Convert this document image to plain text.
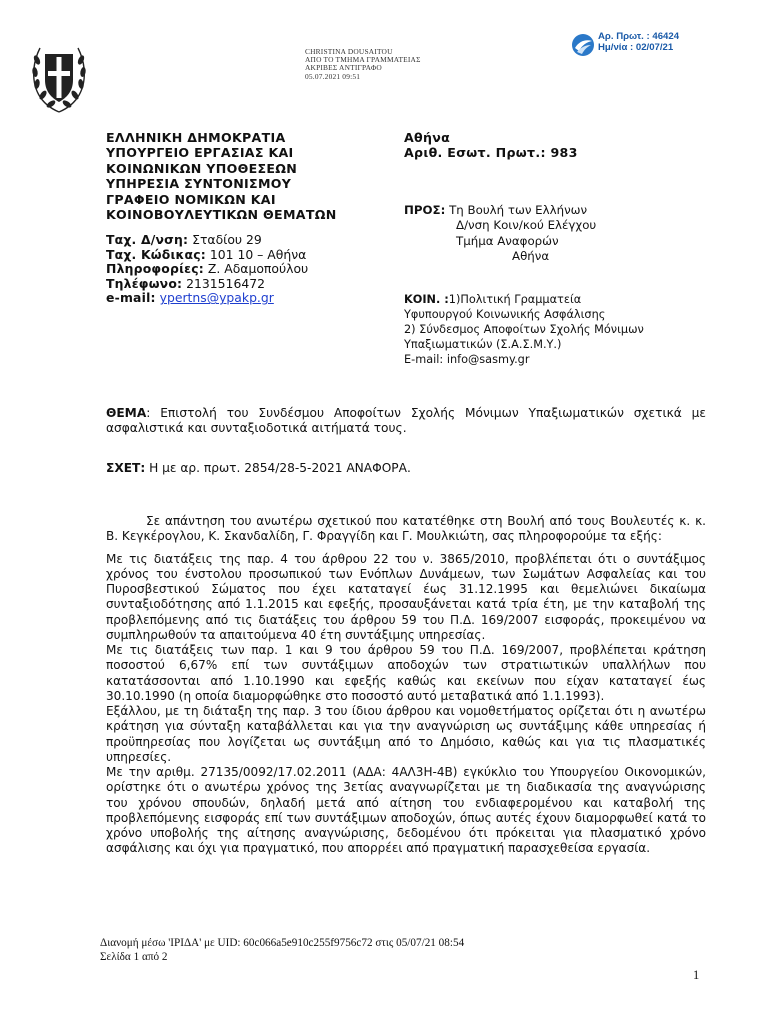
CHRISTINA DOUSAITOU
ΑΠΟ ΤΟ ΤΜΗΜΑ ΓΡΑΜΜΑΤΕΙΑΣ
ΑΚΡΙΒΕΣ ΑΝΤΙΓΡΑΦΟ
05.07.2021 09:51
Αρ. Πρωτ. : 46424
Ημ/νία : 02/07/21
ΕΛΛΗΝΙΚΗ ΔΗΜΟΚΡΑΤΙΑ
ΥΠΟΥΡΓΕΙΟ ΕΡΓΑΣΙΑΣ ΚΑΙ
ΚΟΙΝΩΝΙΚΩΝ ΥΠΟΘΕΣΕΩΝ
ΥΠΗΡΕΣΙΑ ΣΥΝΤΟΝΙΣΜΟΥ
ΓΡΑΦΕΙΟ ΝΟΜΙΚΩΝ ΚΑΙ
ΚΟΙΝΟΒΟΥΛΕΥΤΙΚΩΝ ΘΕΜΑΤΩΝ
Ταχ. Δ/νση: Σταδίου 29
Ταχ. Κώδικας: 101 10 – Αθήνα
Πληροφορίες: Ζ. Αδαμοπούλου
Τηλέφωνο: 2131516472
e-mail: ypertns@ypakp.gr
Αθήνα
Αριθ. Εσωτ. Πρωτ.: 983
ΠΡΟΣ: Τη Βουλή των Ελλήνων
Δ/νση Κοιν/κού Ελέγχου
Τμήμα Αναφορών
Αθήνα
ΚΟΙΝ. :1)Πολιτική Γραμματεία
Υφυπουργού Κοινωνικής Ασφάλισης
2) Σύνδεσμος Αποφοίτων Σχολής Μόνιμων
Υπαξιωματικών (Σ.Α.Σ.Μ.Υ.)
E-mail: info@sasmy.gr
ΘΕΜΑ: Επιστολή του Συνδέσμου Αποφοίτων Σχολής Μόνιμων Υπαξιωματικών σχετικά με ασφαλιστικά και συνταξιοδοτικά αιτήματά τους.
ΣΧΕΤ: Η με αρ. πρωτ. 2854/28-5-2021 ΑΝΑΦΟΡΑ.

Σε απάντηση του ανωτέρω σχετικού που κατατέθηκε στη Βουλή από τους Βουλευτές κ. κ. Β. Κεγκέρογλου, Κ. Σκανδαλίδη, Γ. Φραγγίδη και Γ. Μουλκιώτη, σας πληροφορούμε τα εξής:

Με τις διατάξεις της παρ. 4 του άρθρου 22 του ν. 3865/2010, προβλέπεται ότι ο συντάξιμος χρόνος του ένστολου προσωπικού των Ενόπλων Δυνάμεων, των Σωμάτων Ασφαλείας και του Πυροσβεστικού Σώματος που έχει καταταγεί έως 31.12.1995 και θεμελιώνει δικαίωμα συνταξιοδότησης από 1.1.2015 και εφεξής, προσαυξάνεται κατά τρία έτη, με την καταβολή της προβλεπόμενης από τις διατάξεις του άρθρου 59 του Π.Δ. 169/2007 εισφοράς, προκειμένου να συμπληρωθούν τα απαιτούμενα 40 έτη συντάξιμης υπηρεσίας.

Με τις διατάξεις των παρ. 1 και 9 του άρθρου 59 του Π.Δ. 169/2007, προβλέπεται κράτηση ποσοστού 6,67% επί των συντάξιμων αποδοχών των στρατιωτικών υπαλλήλων που κατατάσσονται από 1.10.1990 και εφεξής καθώς και εκείνων που είχαν καταταγεί έως 30.10.1990 (η οποία διαμορφώθηκε στο ποσοστό αυτό μεταβατικά από 1.1.1993).

Εξάλλου, με τη διάταξη της παρ. 3 του ίδιου άρθρου και νομοθετήματος ορίζεται ότι η ανωτέρω κράτηση για σύνταξη καταβάλλεται και για την αναγνώριση ως συντάξιμης κάθε υπηρεσίας ή προϋπηρεσίας που λογίζεται ως συντάξιμη από το Δημόσιο, καθώς και για τις πλασματικές υπηρεσίες.

Με την αριθμ. 27135/0092/17.02.2011 (ΑΔΑ: 4ΑΛ3Η-4Β) εγκύκλιο του Υπουργείου Οικονομικών, ορίστηκε ότι ο ανωτέρω χρόνος της 3ετίας αναγνωρίζεται με τη διαδικασία της αναγνώρισης του χρόνου σπουδών, δηλαδή μετά από αίτηση του ενδιαφερομένου και καταβολή της προβλεπόμενης εισφοράς επί των συντάξιμων αποδοχών, όπως αυτές έχουν διαμορφωθεί κατά το χρόνο υποβολής της αίτησης αναγνώρισης, δεδομένου ότι πρόκειται για πλασματικό χρόνο ασφάλισης και όχι για πραγματικό, που απορρέει από πραγματική παρασχεθείσα εργασία.

Διανομή μέσω 'ΙΡΙΔΑ' με UID: 60c066a5e910c255f9756c72 στις 05/07/21 08:54
Σελίδα 1 από 2
1
